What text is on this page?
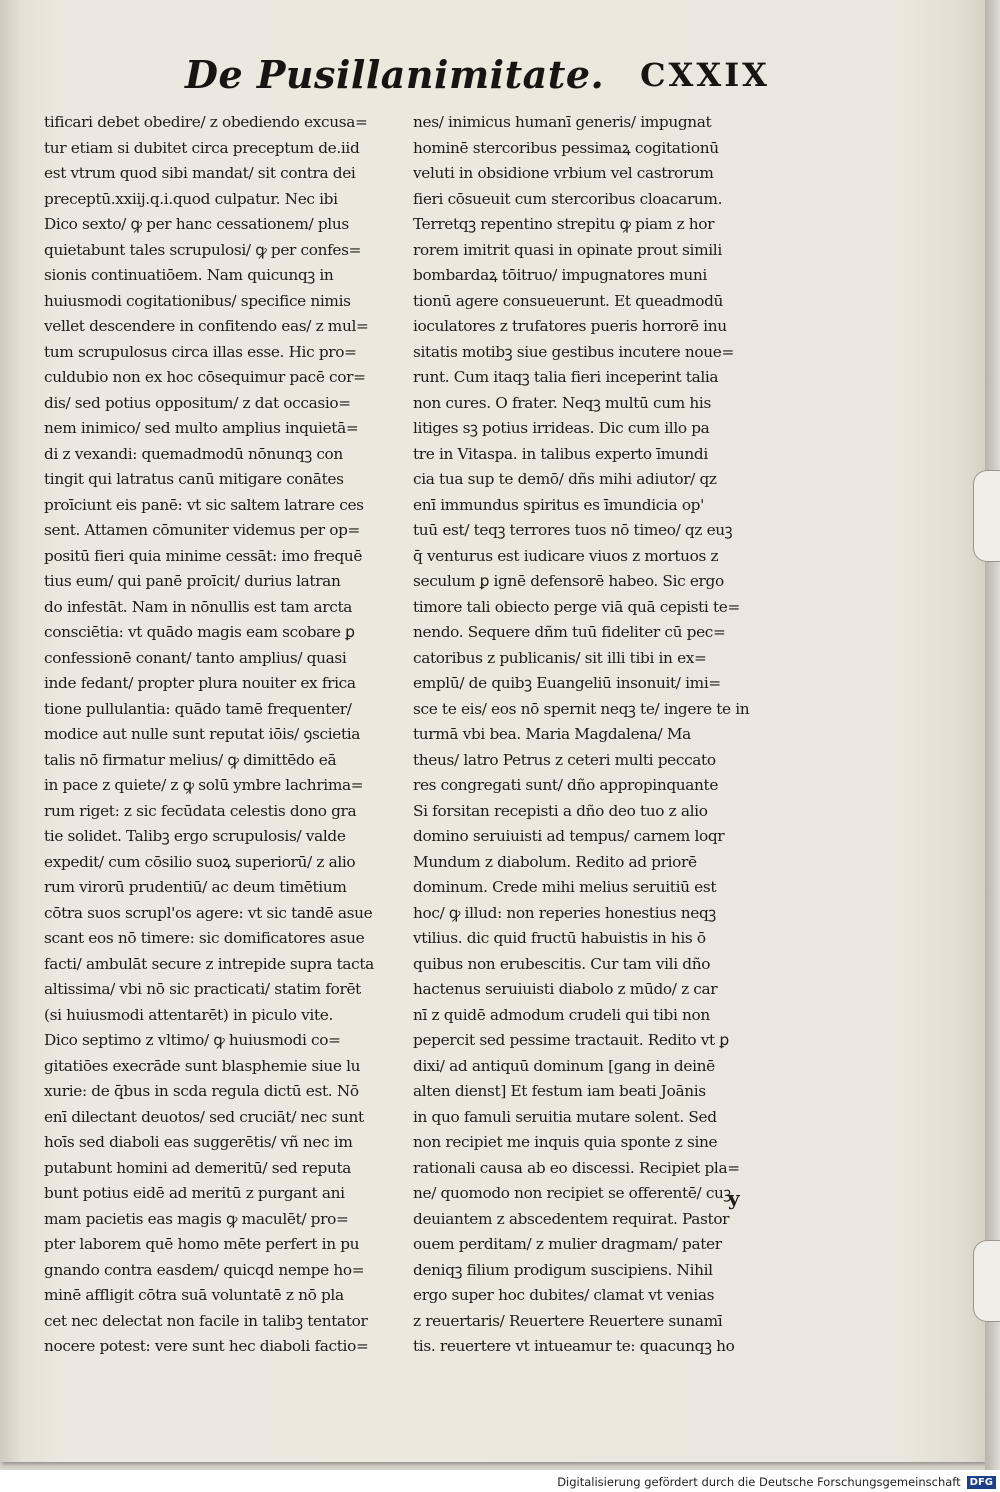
De Pusillanimitate. CXXIX
tificari debet obedire/ z obediendo excusa=
tur etiam si dubitet circa preceptum de.iid
est vtrum quod sibi mandat/ sit contra dei
preceptū.xxiij.q.i.quod culpatur. Nec ibi
Dico sexto/ ꝙ per hanc cessationem/ plus
quietabunt tales scrupulosi/ ꝙ per confes=
sionis continuatiōem. Nam quicunqꝫ in
huiusmodi cogitationibus/ specifice nimis
vellet descendere in confitendo eas/ z mul=
tum scrupulosus circa illas esse. Hic pro=
culdubio non ex hoc cōsequimur pacē cor=
dis/ sed potius oppositum/ z dat occasio=
nem inimico/ sed multo amplius inquietā=
di z vexandi: quemadmodū nōnunqꝫ con
tingit qui latratus canū mitigare conātes
proīciunt eis panē: vt sic saltem latrare ces
sent. Attamen cōmuniter videmus per op=
positū fieri quia minime cessāt: imo frequē
tius eum/ qui panē proīcit/ durius latran
do infestāt. Nam in nōnullis est tam arcta
consciētia: vt quādo magis eam scobare ꝑ
confessionē conant/ tanto amplius/ quasi
inde fedant/ propter plura nouiter ex frica
tione pullulantia: quādo tamē frequenter/
modice aut nulle sunt reputat iōis/ ꝯscietia
talis nō firmatur melius/ ꝙ dimittēdo eā
in pace z quiete/ z ꝙ solū ymbre lachrima=
rum riget: z sic fecūdata celestis dono gra
tie solidet. Talibꝫ ergo scrupulosis/ valde
expedit/ cum cōsilio suoꝝ superiorū/ z alio
rum virorū prudentiū/ ac deum timētium
cōtra suos scrupl'os agere: vt sic tandē asue
scant eos nō timere: sic domificatores asue
facti/ ambulāt secure z intrepide supra tacta
altissima/ vbi nō sic practicati/ statim forēt
(si huiusmodi attentarēt) in piculo vite.
Dico septimo z vltimo/ ꝙ huiusmodi co=
gitatiōes execrāde sunt blasphemie siue lu
xurie: de q̄bus in scda regula dictū est. Nō
enī dilectant deuotos/ sed cruciāt/ nec sunt
hoīs sed diaboli eas suggerētis/ vñ nec im
putabunt homini ad demeritū/ sed reputa
bunt potius eidē ad meritū z purgant ani
mam pacietis eas magis ꝙ maculēt/ pro=
pter laborem quē homo mēte perfert in pu
gnando contra easdem/ quicqd nempe ho=
minē affligit cōtra suā voluntatē z nō pla
cet nec delectat non facile in talibꝫ tentator
nocere potest: vere sunt hec diaboli factio=
nes/ inimicus humanī generis/ impugnat
hominē stercoribus pessimaꝝ cogitationū
veluti in obsidione vrbium vel castrorum
fieri cōsueuit cum stercoribus cloacarum.
Terretqꝫ repentino strepitu ꝙ piam z hor
rorem imitrit quasi in opinate prout simili
bombardaꝝ tōitruo/ impugnatores muni
tionū agere consueuerunt. Et queadmodū
ioculatores z trufatores pueris horrorē inu
sitatis motibꝫ siue gestibus incutere noue=
runt. Cum itaqꝫ talia fieri inceperint talia
non cures. O frater. Neqꝫ multū cum his
litiges sꝫ potius irrideas. Dic cum illo pa
tre in Vitaspa. in talibus experto īmundi
cia tua sup te demō/ dñs mihi adiutor/ qz
enī immundus spiritus es īmundicia op'
tuū est/ teqꝫ terrores tuos nō timeo/ qz euꝫ
q̄ venturus est iudicare viuos z mortuos z
seculum ꝑ ignē defensorē habeo. Sic ergo
timore tali obiecto perge viā quā cepisti te=
nendo. Sequere dñm tuū fideliter cū pec=
catoribus z publicanis/ sit illi tibi in ex=
emplū/ de quibꝫ Euangeliū insonuit/ imi=
sce te eis/ eos nō spernit neqꝫ te/ ingere te in
turmā vbi bea. Maria Magdalena/ Ma
theus/ latro Petrus z ceteri multi peccato
res congregati sunt/ dño appropinquante
Si forsitan recepisti a dño deo tuo z alio
domino seruiuisti ad tempus/ carnem loqr
Mundum z diabolum. Redito ad priorē
dominum. Crede mihi melius seruitiū est
hoc/ ꝙ illud: non reperies honestius neqꝫ
vtilius. dic quid fructū habuistis in his ō
quibus non erubescitis. Cur tam vili dño
hactenus seruiuisti diabolo z mūdo/ z car
nī z quidē admodum crudeli qui tibi non
pepercit sed pessime tractauit. Redito vt ꝑ
dixi/ ad antiquū dominum [gang in deinē
alten dienst] Et festum iam beati Joānis
in quo famuli seruitia mutare solent. Sed
non recipiet me inquis quia sponte z sine
rationali causa ab eo discessi. Recipiet pla=
ne/ quomodo non recipiet se offerentē/ cuꝫ
deuiantem z abscedentem requirat. Pastor
ouem perditam/ z mulier dragmam/ pater
deniqꝫ filium prodigum suscipiens. Nihil
ergo super hoc dubites/ clamat vt venias
z reuertaris/ Reuertere Reuertere sunamī
tis. reuertere vt intueamur te: quacunqꝫ ho
y
Digitalisierung gefördert durch die Deutsche Forschungsgemeinschaft DFG
